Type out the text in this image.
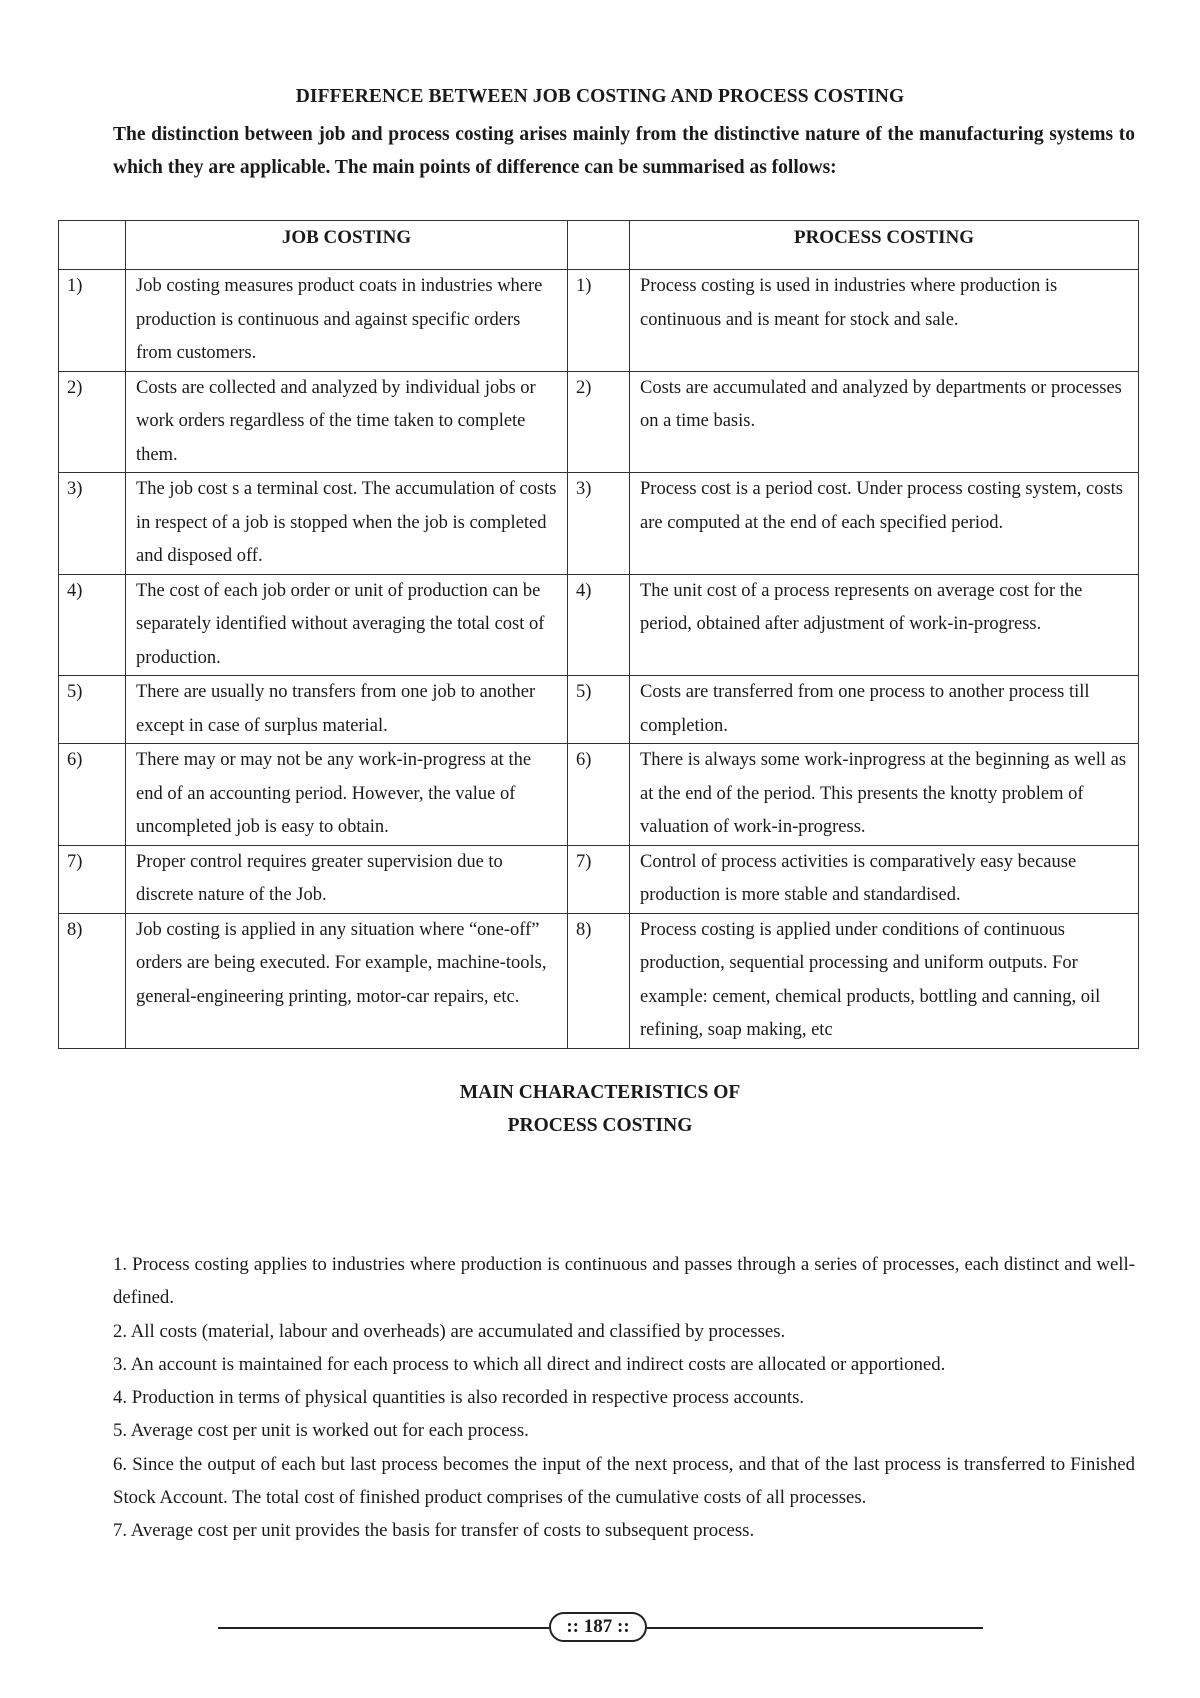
DIFFERENCE BETWEEN JOB COSTING AND PROCESS COSTING
The distinction between job and process costing arises mainly from the distinctive nature of the manufacturing systems to which they are applicable. The main points of difference can be summarised as follows:

	JOB COSTING		PROCESS COSTING

1)	Job costing measures product coats in industries where production is continuous and against specific orders from customers.	1)	Process costing is used in industries where production is continuous and is meant for stock and sale.
2)	Costs are collected and analyzed by individual jobs or work orders regardless of the time taken to complete them.	2)	Costs are accumulated and analyzed by departments or processes on a time basis.
3)	The job cost s a terminal cost. The accumulation of costs in respect of a job is stopped when the job is completed and disposed off.	3)	Process cost is a period cost. Under process costing system, costs are computed at the end of each specified period.
4)	The cost of each job order or unit of production can be separately identified without averaging the total cost of production.	4)	The unit cost of a process represents on average cost for the period, obtained after adjustment of work-in-progress.
5)	There are usually no transfers from one job to another except in case of surplus material.	5)	Costs are transferred from one process to another process till completion.
6)	There may or may not be any work-in-progress at the end of an accounting period. However, the value of uncompleted job is easy to obtain.	6)	There is always some work-inprogress at the beginning as well as at the end of the period. This presents the knotty problem of valuation of work-in-progress.
7)	Proper control requires greater supervision due to discrete nature of the Job.	7)	Control of process activities is comparatively easy because production is more stable and standardised.
8)	Job costing is applied in any situation where “one-off” orders are being executed. For example, machine-tools, general-engineering printing, motor-car repairs, etc.	8)	Process costing is applied under conditions of continuous production, sequential processing and uniform outputs. For example: cement, chemical products, bottling and canning, oil refining, soap making, etc
MAIN CHARACTERISTICS OF
PROCESS COSTING

1. Process costing applies to industries where production is continuous and passes through a series of processes, each distinct and well-defined.

2. All costs (material, labour and overheads) are accumulated and classified by processes.

3. An account is maintained for each process to which all direct and indirect costs are allocated or apportioned.

4. Production in terms of physical quantities is also recorded in respective process accounts.

5. Average cost per unit is worked out for each process.

6. Since the output of each but last process becomes the input of the next process, and that of the last process is transferred to Finished Stock Account. The total cost of finished product comprises of the cumulative costs of all processes.

7. Average cost per unit provides the basis for transfer of costs to subsequent process.

:: 187 ::
